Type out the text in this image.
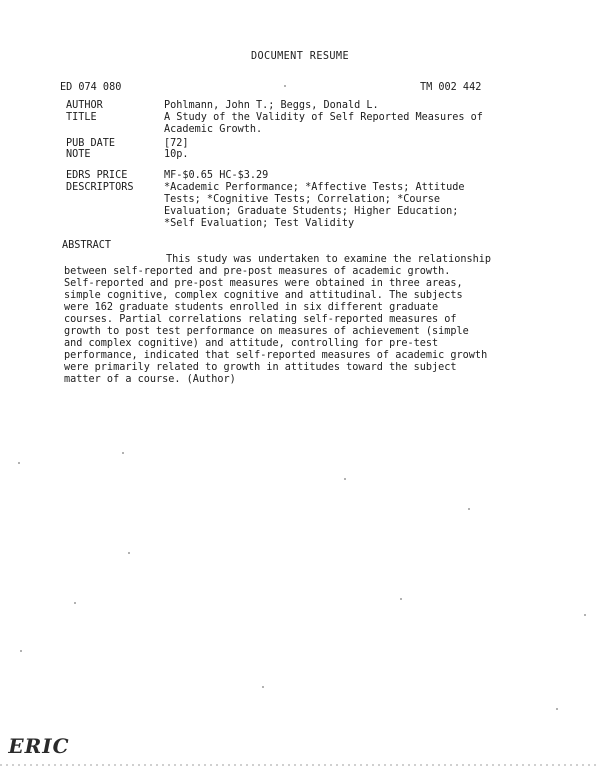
DOCUMENT RESUME
ED 074 080	TM 002 442
AUTHOR	Pohlmann, John T.; Beggs, Donald L.
TITLE	A Study of the Validity of Self Reported Measures of
Academic Growth.
PUB DATE	[72]
NOTE	10p.
EDRS PRICE	MF-$0.65 HC-$3.29
DESCRIPTORS	*Academic Performance; *Affective Tests; Attitude
Tests; *Cognitive Tests; Correlation; *Course
Evaluation; Graduate Students; Higher Education;
*Self Evaluation; Test Validity
ABSTRACT
This study was undertaken to examine the relationship
between self-reported and pre-post measures of academic growth.
Self-reported and pre-post measures were obtained in three areas,
simple cognitive, complex cognitive and attitudinal. The subjects
were 162 graduate students enrolled in six different graduate
courses. Partial correlations relating self-reported measures of
growth to post test performance on measures of achievement (simple
and complex cognitive) and attitude, controlling for pre-test
performance, indicated that self-reported measures of academic growth
were primarily related to growth in attitudes toward the subject
matter of a course. (Author)
ERIC
